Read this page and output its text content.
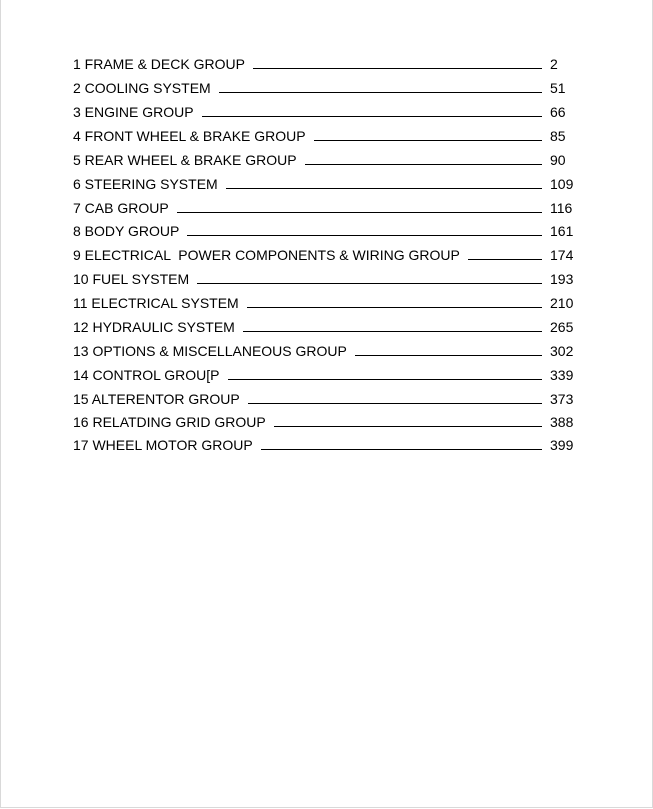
1 FRAME & DECK GROUP	2
2 COOLING SYSTEM	51
3 ENGINE GROUP	66
4 FRONT WHEEL & BRAKE GROUP	85
5 REAR WHEEL & BRAKE GROUP	90
6 STEERING SYSTEM	109
7 CAB GROUP	116
8 BODY GROUP	161
9 ELECTRICAL  POWER COMPONENTS & WIRING GROUP	174
10 FUEL SYSTEM	193
11 ELECTRICAL SYSTEM	210
12 HYDRAULIC SYSTEM	265
13 OPTIONS & MISCELLANEOUS GROUP	302
14 CONTROL GROU[P	339
15 ALTERENTOR GROUP	373
16 RELATDING GRID GROUP	388
17 WHEEL MOTOR GROUP	399
